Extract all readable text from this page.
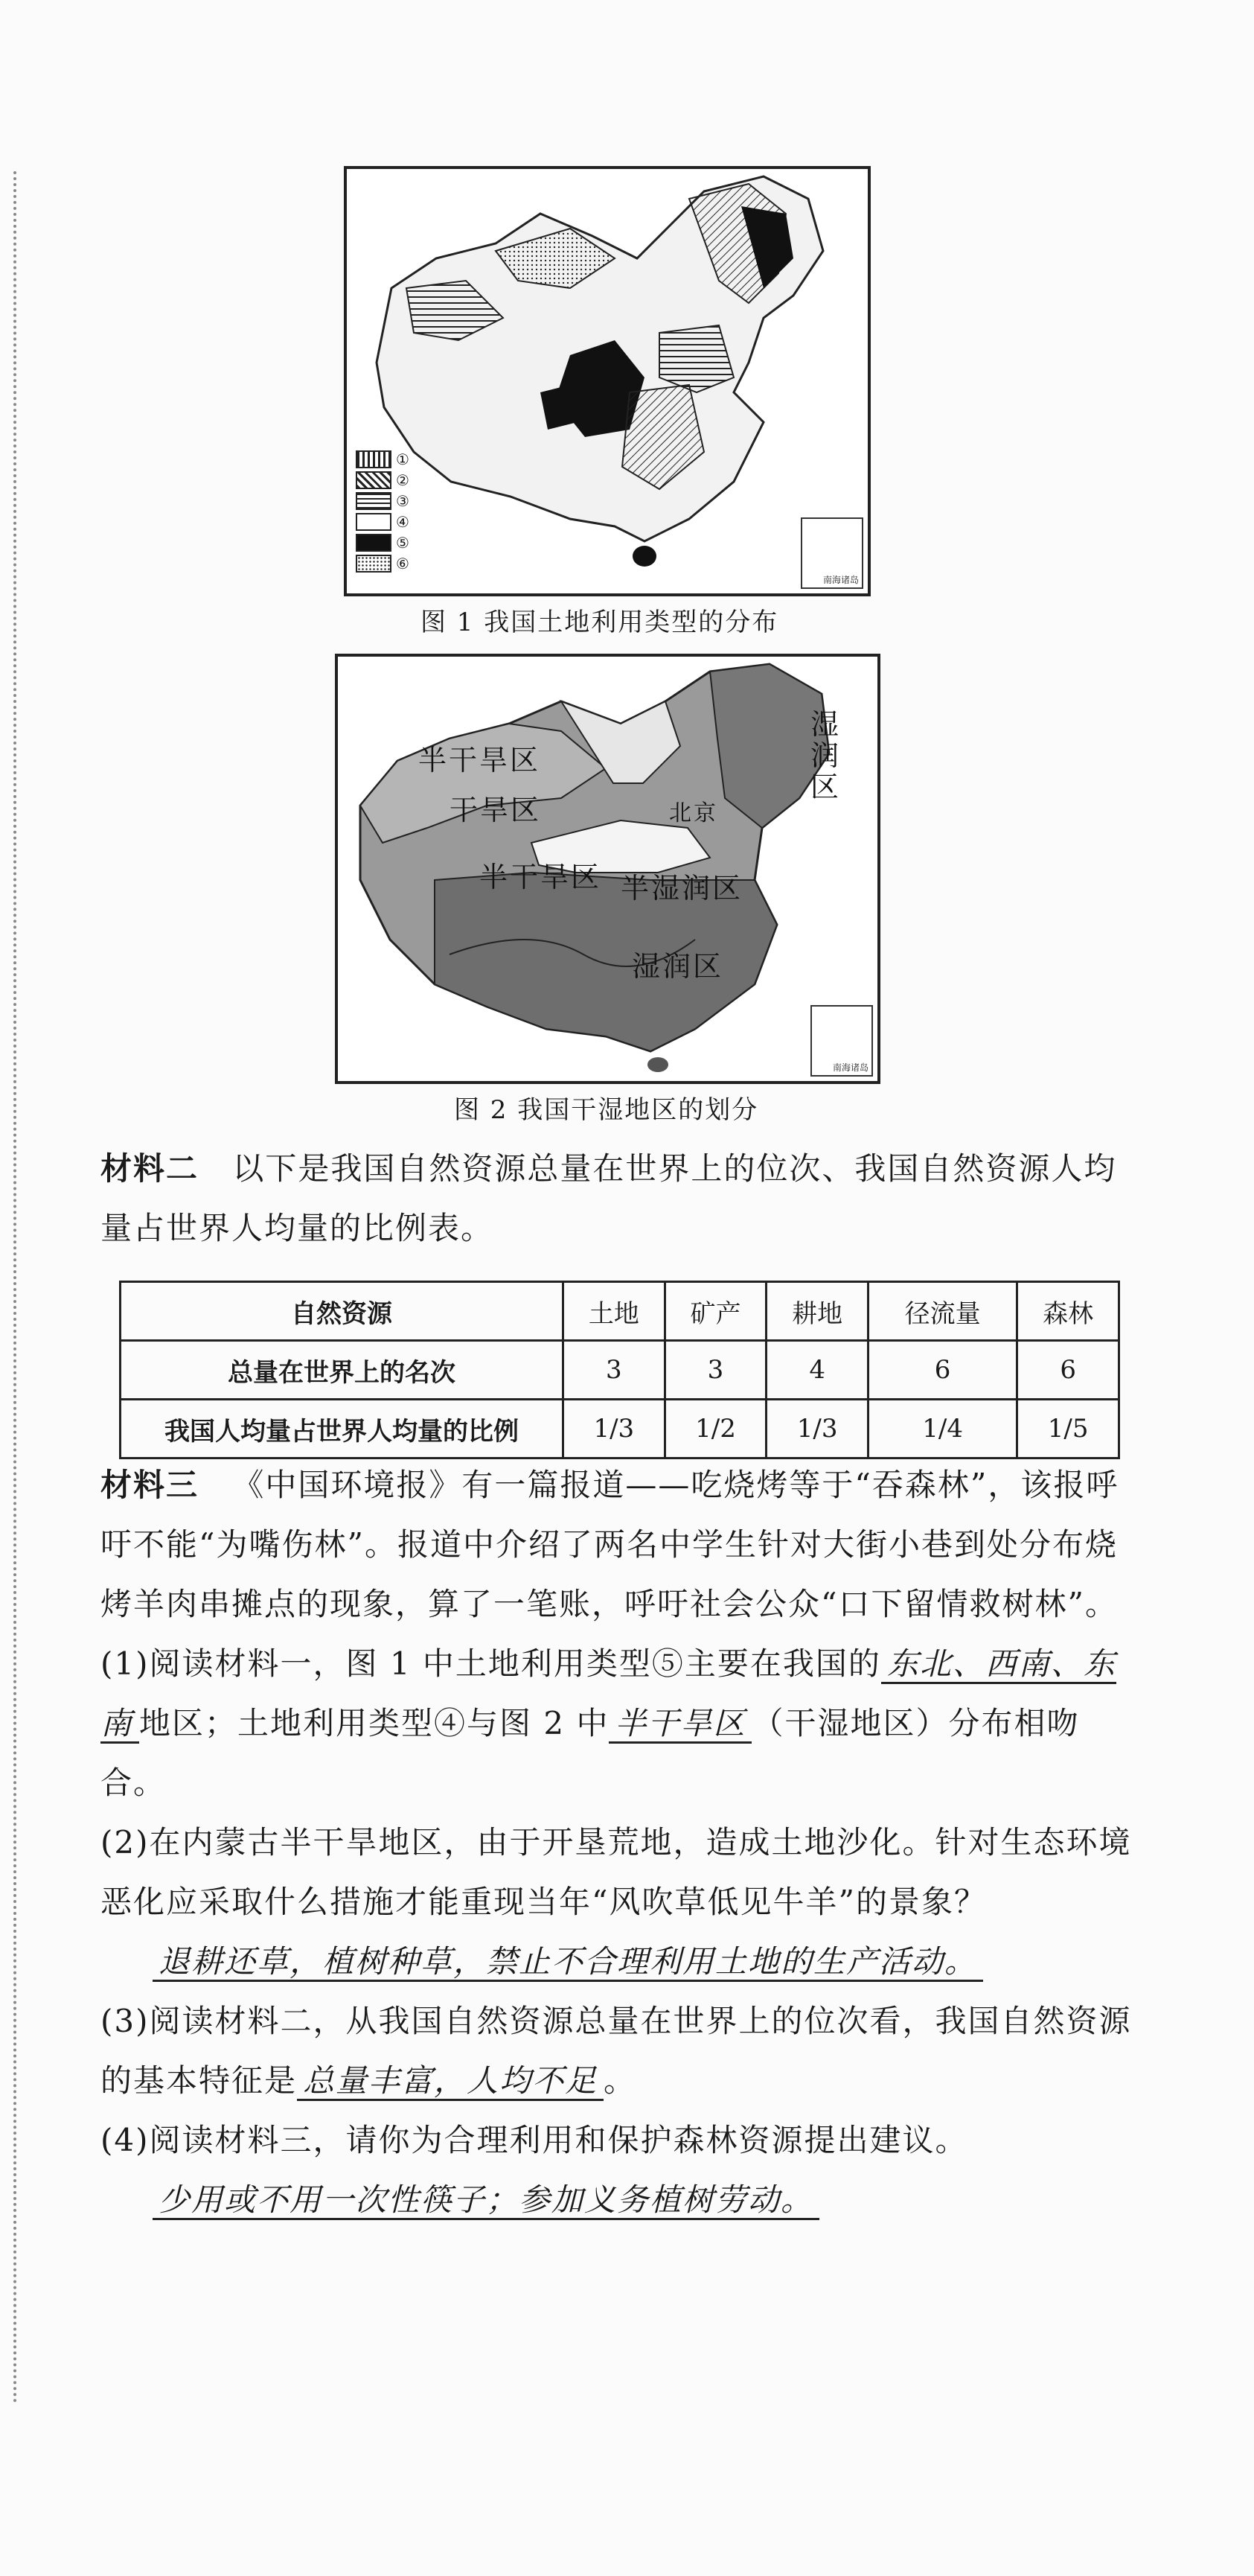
①
②
③
④
⑤
⑥
南海诸岛
图 1 我国土地利用类型的分布
半干旱区
干旱区	北京
半干旱区 半湿润区
湿润区
湿润区
南海诸岛
图 2 我国干湿地区的划分
材料二 以下是我国自然资源总量在世界上的位次、我国自然资源人均量占世界人均量的比例表。
自然资源	土地	矿产	耕地	径流量	森林
总量在世界上的名次	3	3	4	6	6
我国人均量占世界人均量的比例	1/3	1/2	1/3	1/4	1/5
材料三 《中国环境报》有一篇报道——吃烧烤等于“吞森林”，该报呼吁不能“为嘴伤林”。报道中介绍了两名中学生针对大街小巷到处分布烧烤羊肉串摊点的现象，算了一笔账，呼吁社会公众“口下留情救树林”。
(1)阅读材料一，图 1 中土地利用类型⑤主要在我国的 东北、西南、东南 地区；土地利用类型④与图 2 中 半干旱区 （干湿地区）分布相吻合。
(2)在内蒙古半干旱地区，由于开垦荒地，造成土地沙化。针对生态环境恶化应采取什么措施才能重现当年“风吹草低见牛羊”的景象？
退耕还草，植树种草，禁止不合理利用土地的生产活动。
(3)阅读材料二，从我国自然资源总量在世界上的位次看，我国自然资源的基本特征是 总量丰富，人均不足 。
(4)阅读材料三，请你为合理利用和保护森林资源提出建议。
少用或不用一次性筷子；参加义务植树劳动。
